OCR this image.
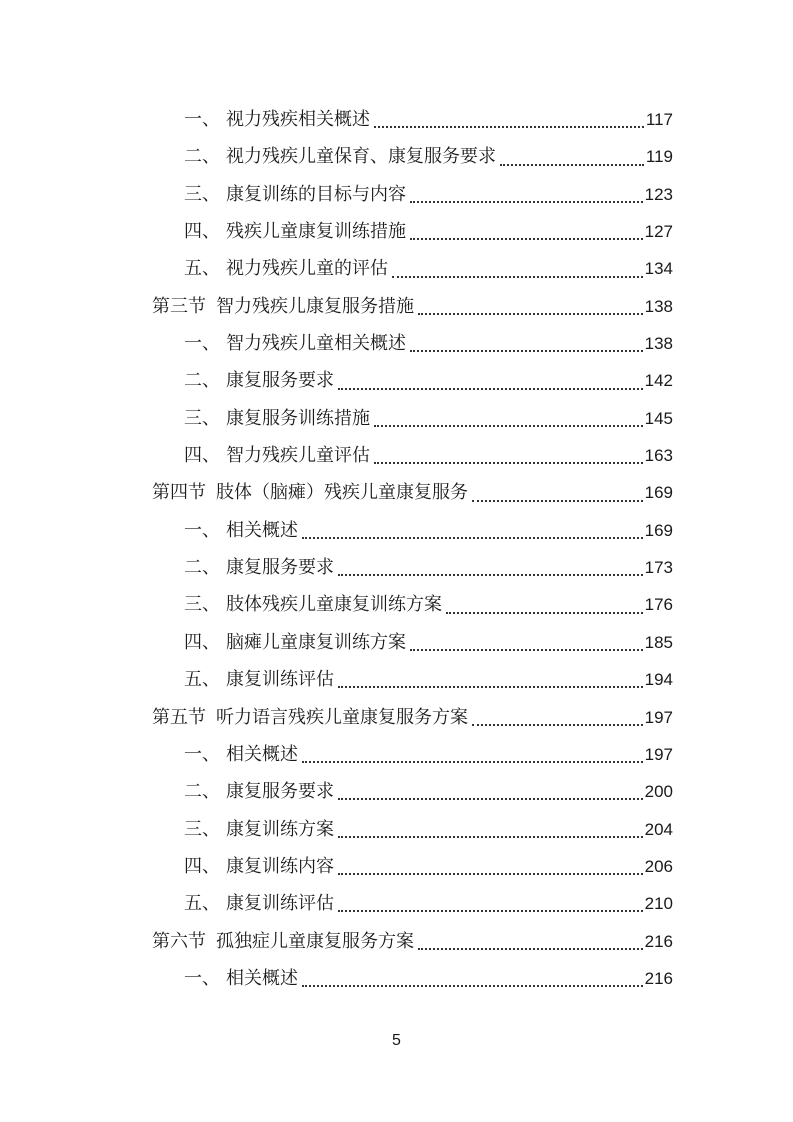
一、 视力残疾相关概述	117
二、 视力残疾儿童保育、康复服务要求	119
三、 康复训练的目标与内容	123
四、 残疾儿童康复训练措施	127
五、 视力残疾儿童的评估	134
第三节 智力残疾儿康复服务措施	138
一、 智力残疾儿童相关概述	138
二、 康复服务要求	142
三、 康复服务训练措施	145
四、 智力残疾儿童评估	163
第四节 肢体（脑瘫）残疾儿童康复服务	169
一、 相关概述	169
二、 康复服务要求	173
三、 肢体残疾儿童康复训练方案	176
四、 脑瘫儿童康复训练方案	185
五、 康复训练评估	194
第五节 听力语言残疾儿童康复服务方案	197
一、 相关概述	197
二、 康复服务要求	200
三、 康复训练方案	204
四、 康复训练内容	206
五、 康复训练评估	210
第六节 孤独症儿童康复服务方案	216
一、 相关概述	216
5
